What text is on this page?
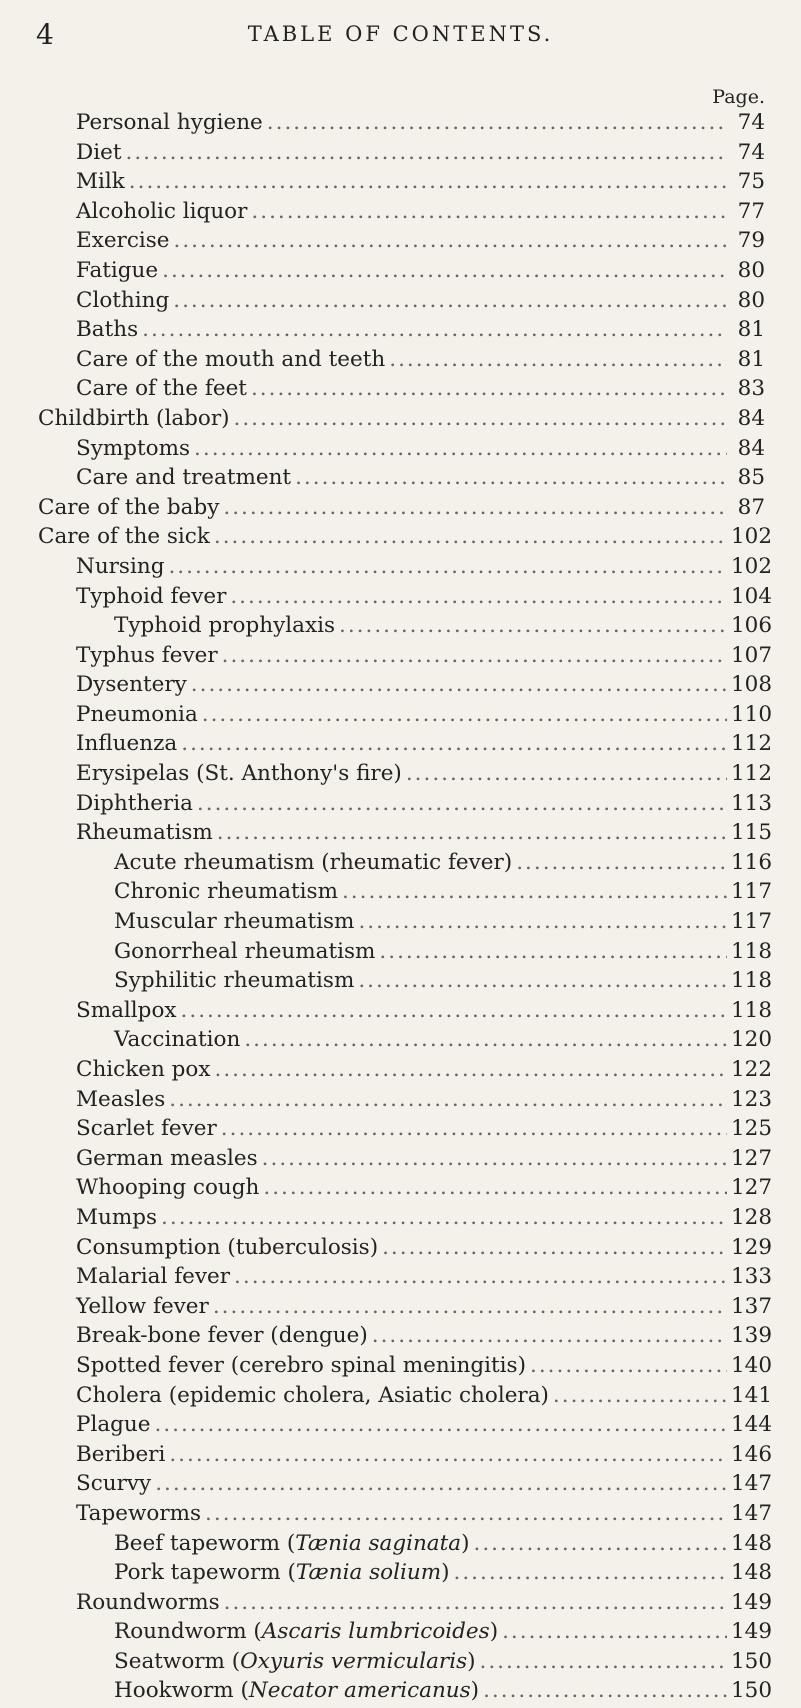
4	TABLE OF CONTENTS.
Page.
Personal hygiene .....	74
Diet .....	74
Milk .....	75
Alcoholic liquor .....	77
Exercise .....	79
Fatigue .....	80
Clothing .....	80
Baths .....	81
Care of the mouth and teeth .....	81
Care of the feet .....	83
Childbirth (labor) .....	84
Symptoms .....	84
Care and treatment .....	85
Care of the baby .....	87
Care of the sick .....	102
Nursing .....	102
Typhoid fever .....	104
Typhoid prophylaxis .....	106
Typhus fever .....	107
Dysentery .....	108
Pneumonia .....	110
Influenza .....	112
Erysipelas (St. Anthony's fire) .....	112
Diphtheria .....	113
Rheumatism .....	115
Acute rheumatism (rheumatic fever) .....	116
Chronic rheumatism .....	117
Muscular rheumatism .....	117
Gonorrheal rheumatism .....	118
Syphilitic rheumatism .....	118
Smallpox .....	118
Vaccination .....	120
Chicken pox .....	122
Measles .....	123
Scarlet fever .....	125
German measles .....	127
Whooping cough .....	127
Mumps .....	128
Consumption (tuberculosis) .....	129
Malarial fever .....	133
Yellow fever .....	137
Break-bone fever (dengue) .....	139
Spotted fever (cerebro spinal meningitis) .....	140
Cholera (epidemic cholera, Asiatic cholera) .....	141
Plague .....	144
Beriberi .....	146
Scurvy .....	147
Tapeworms .....	147
Beef tapeworm (Tænia saginata) .....	148
Pork tapeworm (Tænia solium) .....	148
Roundworms .....	149
Roundworm (Ascaris lumbricoides) .....	149
Seatworm (Oxyuris vermicularis) .....	150
Hookworm (Necator americanus) .....	150
